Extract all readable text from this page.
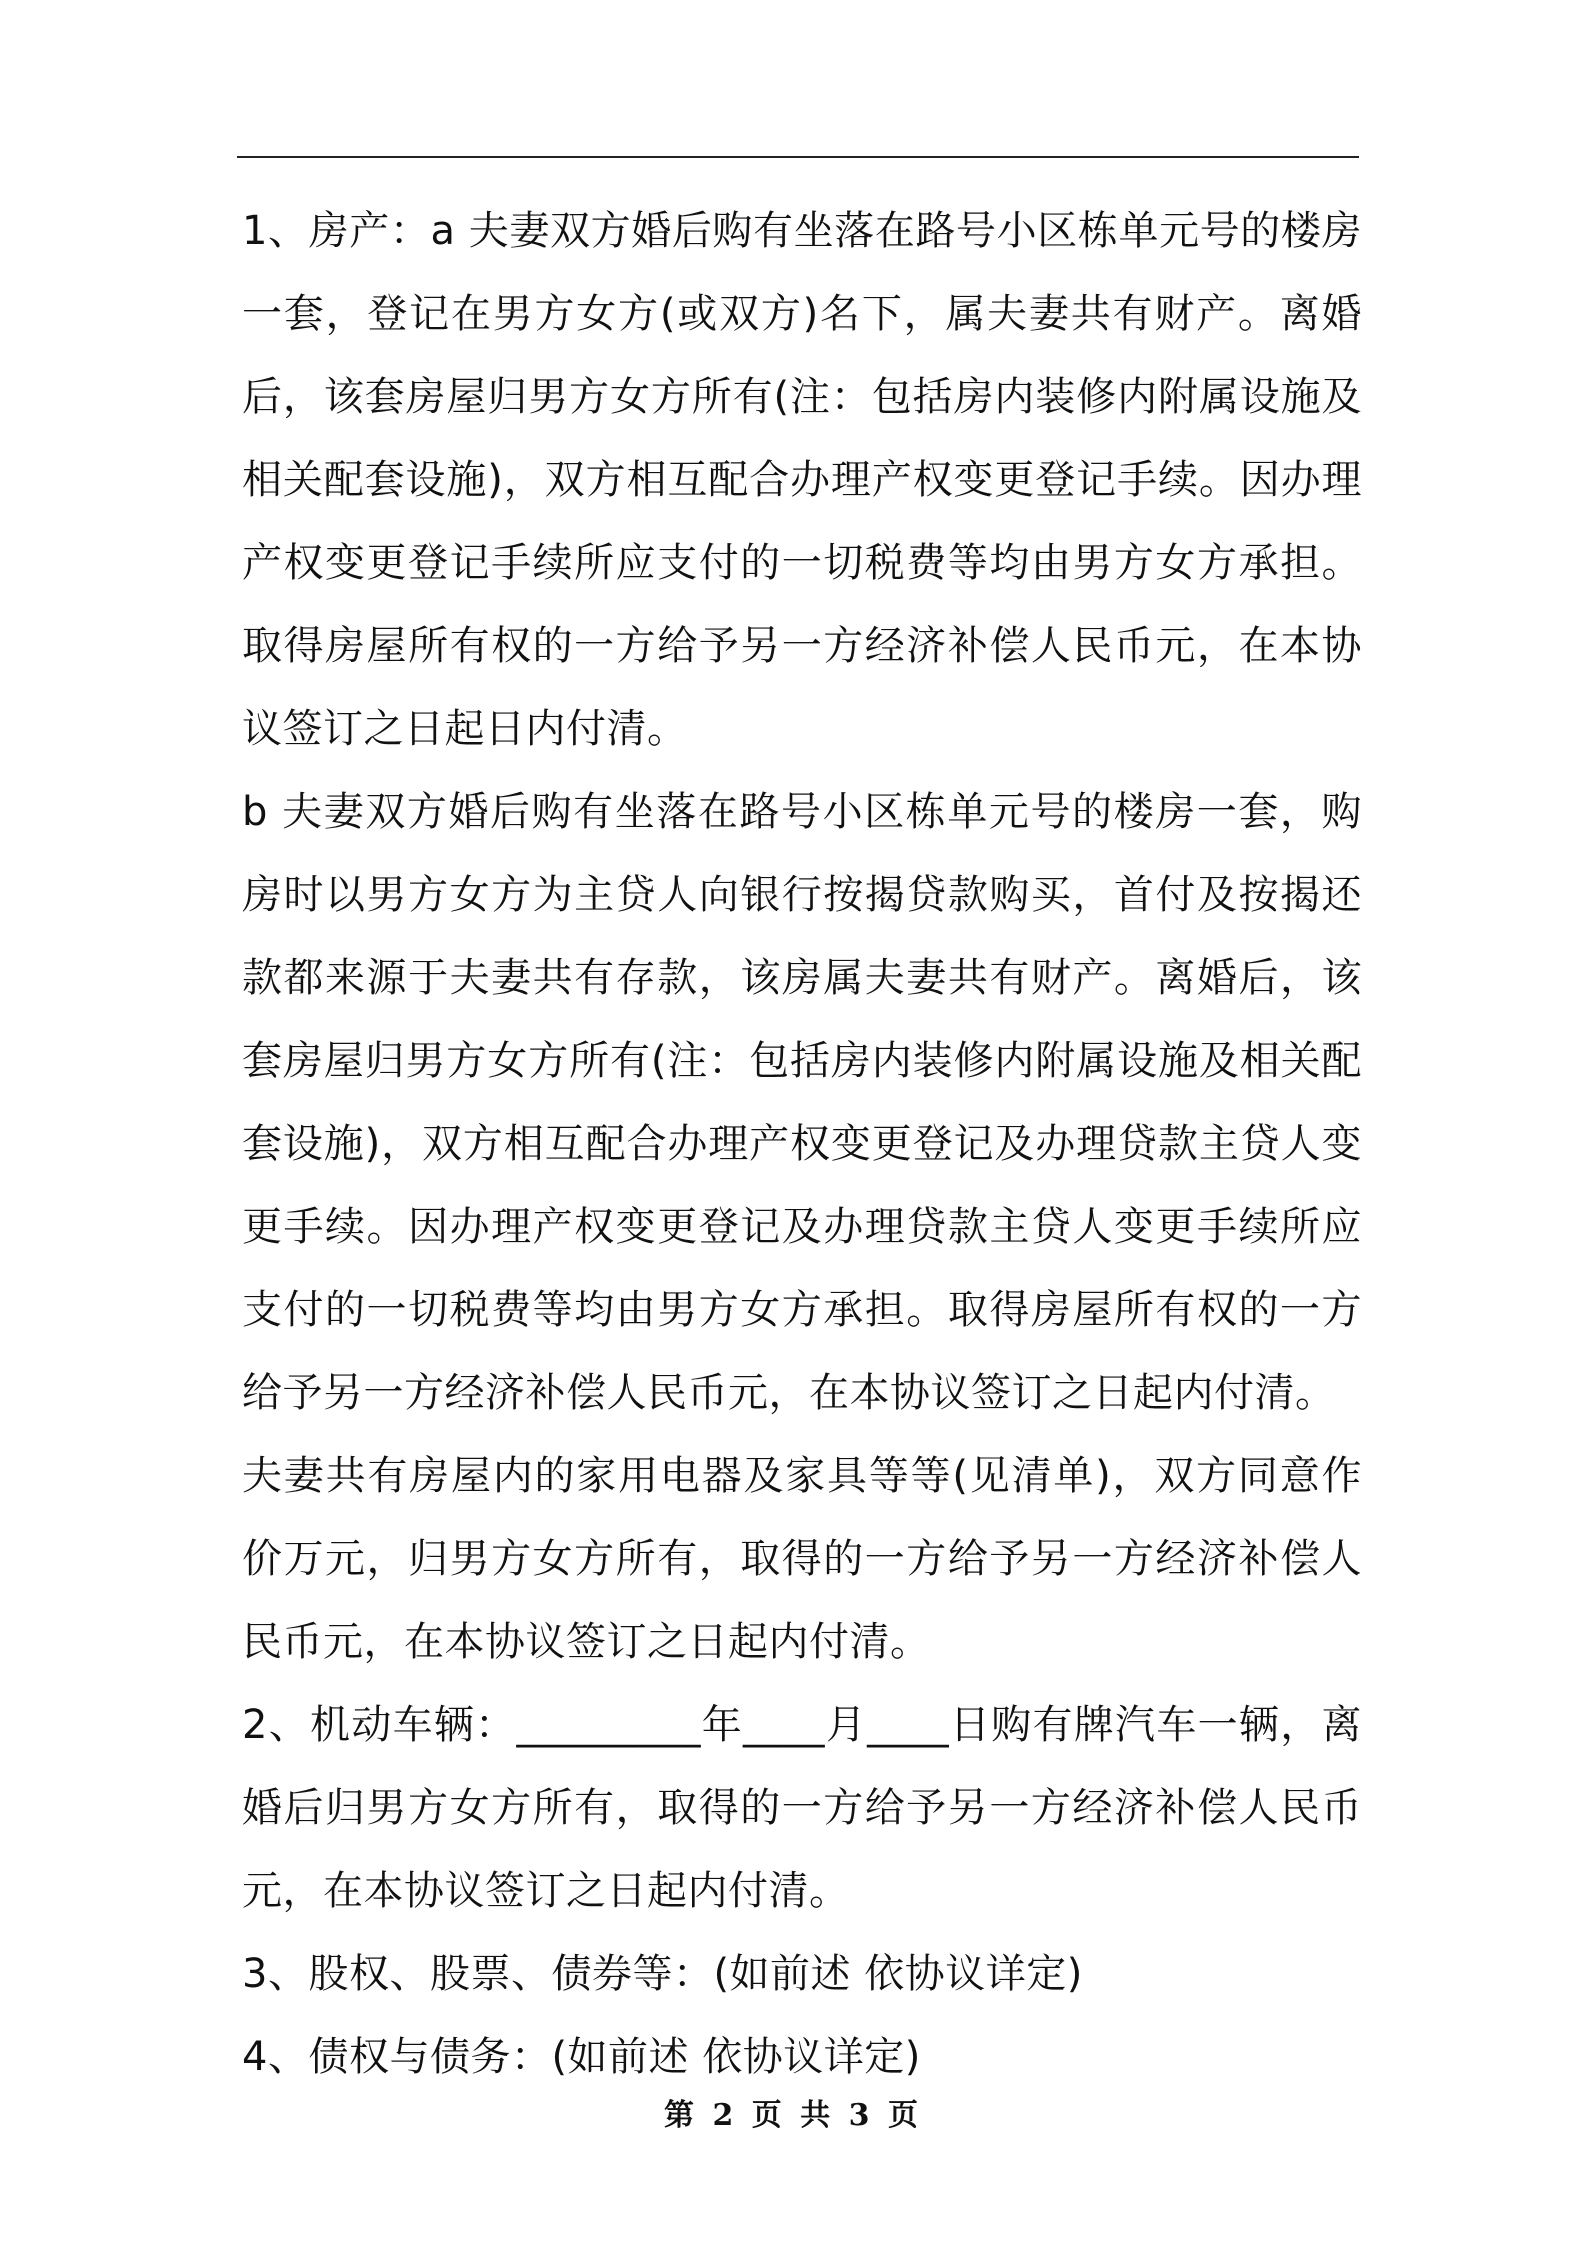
1、房产：a 夫妻双方婚后购有坐落在路号小区栋单元号的楼房一套，登记在男方女方(或双方)名下，属夫妻共有财产。离婚后，该套房屋归男方女方所有(注：包括房内装修内附属设施及相关配套设施)，双方相互配合办理产权变更登记手续。因办理产权变更登记手续所应支付的一切税费等均由男方女方承担。取得房屋所有权的一方给予另一方经济补偿人民币元，在本协议签订之日起日内付清。

b 夫妻双方婚后购有坐落在路号小区栋单元号的楼房一套，购房时以男方女方为主贷人向银行按揭贷款购买，首付及按揭还款都来源于夫妻共有存款，该房属夫妻共有财产。离婚后，该套房屋归男方女方所有(注：包括房内装修内附属设施及相关配套设施)，双方相互配合办理产权变更登记及办理贷款主贷人变更手续。因办理产权变更登记及办理贷款主贷人变更手续所应支付的一切税费等均由男方女方承担。取得房屋所有权的一方给予另一方经济补偿人民币元，在本协议签订之日起内付清。

夫妻共有房屋内的家用电器及家具等等(见清单)，双方同意作价万元，归男方女方所有，取得的一方给予另一方经济补偿人民币元，在本协议签订之日起内付清。

2、机动车辆：_________年____月____日购有牌汽车一辆，离婚后归男方女方所有，取得的一方给予另一方经济补偿人民币元，在本协议签订之日起内付清。

3、股权、股票、债券等：(如前述 依协议详定)

4、债权与债务：(如前述 依协议详定)

第 2 页 共 3 页
